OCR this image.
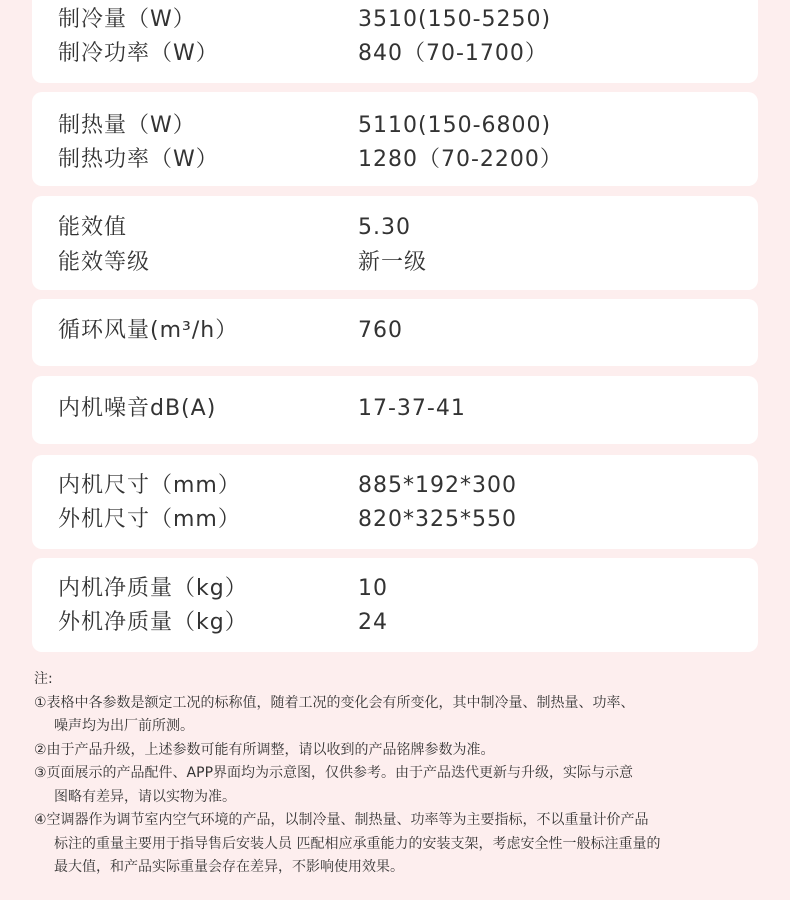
制冷量（W）	3510(150-5250)
制冷功率（W）	840（70-1700）
制热量（W）	5110(150-6800)
制热功率（W）	1280（70-2200）
能效值	5.30
能效等级	新一级
循环风量(m³/h）	760
内机噪音dB(A)	17-37-41
内机尺寸（mm）	885*192*300
外机尺寸（mm）	820*325*550
内机净质量（kg）	10
外机净质量（kg）	24
注:
①表格中各参数是额定工况的标称值，随着工况的变化会有所变化，其中制冷量、制热量、功率、
噪声均为出厂前所测。
②由于产品升级，上述参数可能有所调整，请以收到的产品铭牌参数为准。
③页面展示的产品配件、APP界面均为示意图，仅供参考。由于产品迭代更新与升级，实际与示意
图略有差异，请以实物为准。
④空调器作为调节室内空气环境的产品，以制冷量、制热量、功率等为主要指标，不以重量计价产品
标注的重量主要用于指导售后安装人员 匹配相应承重能力的安装支架，考虑安全性一般标注重量的
最大值，和产品实际重量会存在差异，不影响使用效果。
